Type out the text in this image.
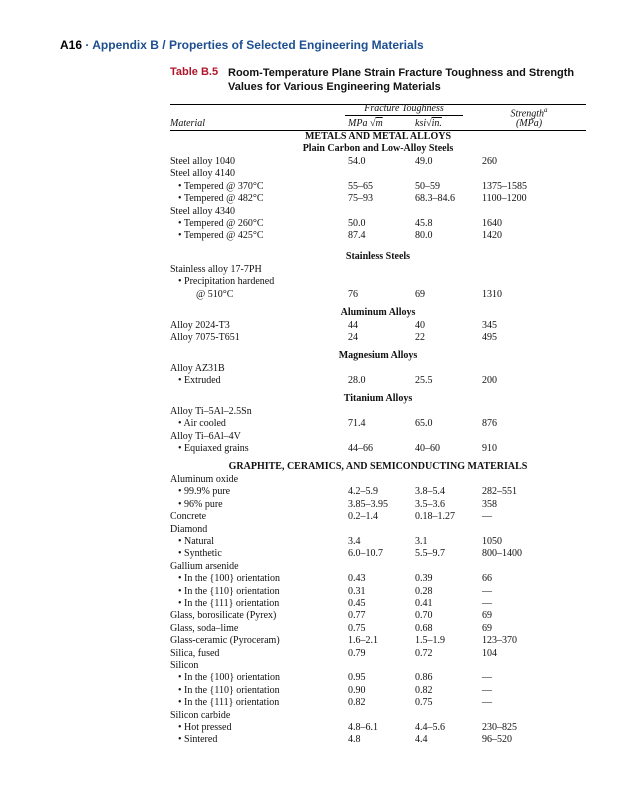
A16 · Appendix B / Properties of Selected Engineering Materials
Table B.5 Room-Temperature Plane Strain Fracture Toughness and Strength Values for Various Engineering Materials
Fracture Toughness	Strength$^a$
(MPa)
Material	MPa √m	ksi√in.
METALS AND METAL ALLOYS
Plain Carbon and Low-Alloy Steels
Steel alloy 1040	54.0	49.0	260
Steel alloy 4140
• Tempered @ 370°C	55–65	50–59	1375–1585
• Tempered @ 482°C	75–93	68.3–84.6	1100–1200
Steel alloy 4340
• Tempered @ 260°C	50.0	45.8	1640
• Tempered @ 425°C	87.4	80.0	1420
Stainless Steels
Stainless alloy 17-7PH
• Precipitation hardened
@ 510°C	76	69	1310
Aluminum Alloys
Alloy 2024-T3	44	40	345
Alloy 7075-T651	24	22	495
Magnesium Alloys
Alloy AZ31B
• Extruded	28.0	25.5	200
Titanium Alloys
Alloy Ti–5Al–2.5Sn
• Air cooled	71.4	65.0	876
Alloy Ti–6Al–4V
• Equiaxed grains	44–66	40–60	910
GRAPHITE, CERAMICS, AND SEMICONDUCTING MATERIALS
Aluminum oxide
• 99.9% pure	4.2–5.9	3.8–5.4	282–551
• 96% pure	3.85–3.95	3.5–3.6	358
Concrete	0.2–1.4	0.18–1.27	—
Diamond
• Natural	3.4	3.1	1050
• Synthetic	6.0–10.7	5.5–9.7	800–1400
Gallium arsenide
• In the {100} orientation	0.43	0.39	66
• In the {110} orientation	0.31	0.28	—
• In the {111} orientation	0.45	0.41	—
Glass, borosilicate (Pyrex)	0.77	0.70	69
Glass, soda–lime	0.75	0.68	69
Glass-ceramic (Pyroceram)	1.6–2.1	1.5–1.9	123–370
Silica, fused	0.79	0.72	104
Silicon
• In the {100} orientation	0.95	0.86	—
• In the {110} orientation	0.90	0.82	—
• In the {111} orientation	0.82	0.75	—
Silicon carbide
• Hot pressed	4.8–6.1	4.4–5.6	230–825
• Sintered	4.8	4.4	96–520
